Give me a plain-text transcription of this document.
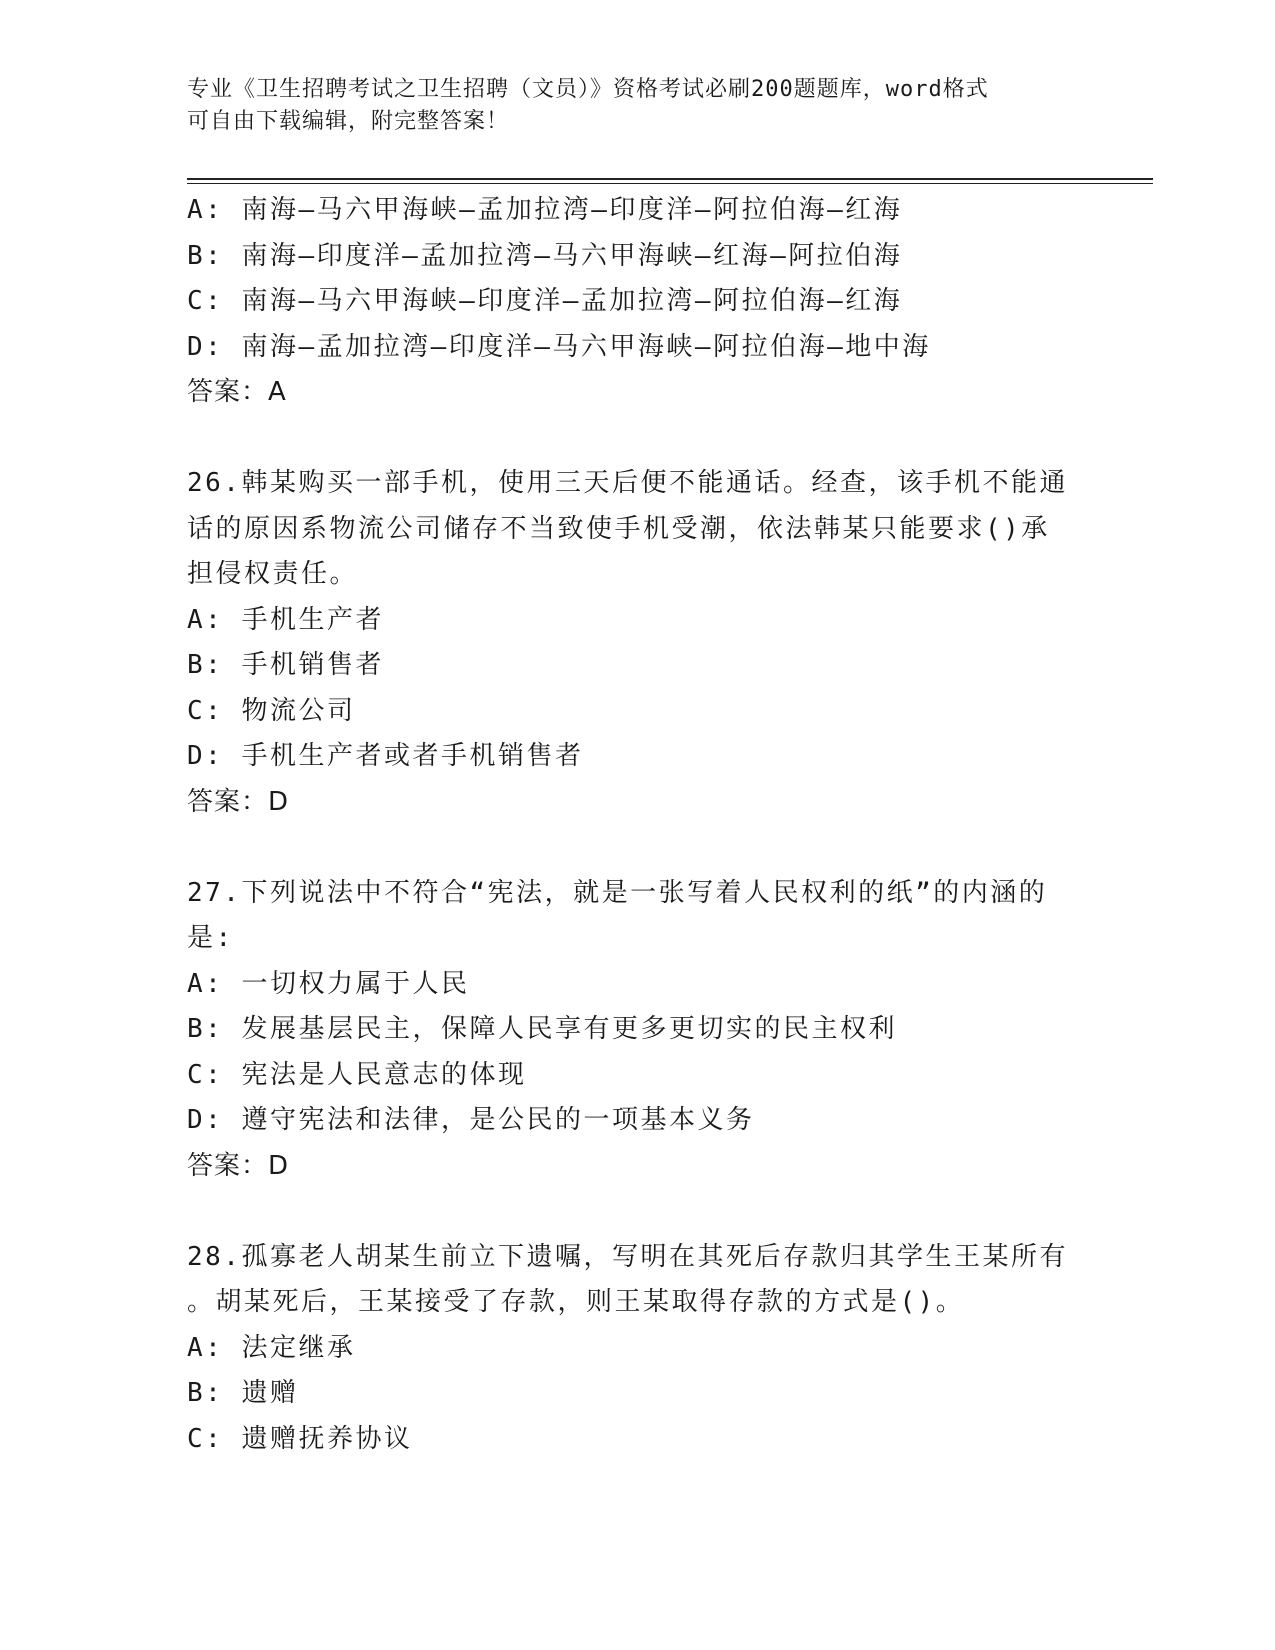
专业《卫生招聘考试之卫生招聘（文员）》资格考试必刷200题题库，word格式
可自由下载编辑，附完整答案！
A: 南海—马六甲海峡—孟加拉湾—印度洋—阿拉伯海—红海
B: 南海—印度洋—孟加拉湾—马六甲海峡—红海—阿拉伯海
C: 南海—马六甲海峡—印度洋—孟加拉湾—阿拉伯海—红海
D: 南海—孟加拉湾—印度洋—马六甲海峡—阿拉伯海—地中海
答案：A
26.韩某购买一部手机，使用三天后便不能通话。经查，该手机不能通
话的原因系物流公司储存不当致使手机受潮，依法韩某只能要求()承
担侵权责任。
A: 手机生产者
B: 手机销售者
C: 物流公司
D: 手机生产者或者手机销售者
答案：D
27.下列说法中不符合“宪法，就是一张写着人民权利的纸”的内涵的
是:
A: 一切权力属于人民
B: 发展基层民主，保障人民享有更多更切实的民主权利
C: 宪法是人民意志的体现
D: 遵守宪法和法律，是公民的一项基本义务
答案：D
28.孤寡老人胡某生前立下遗嘱，写明在其死后存款归其学生王某所有
。胡某死后，王某接受了存款，则王某取得存款的方式是()。
A: 法定继承
B: 遗赠
C: 遗赠抚养协议
